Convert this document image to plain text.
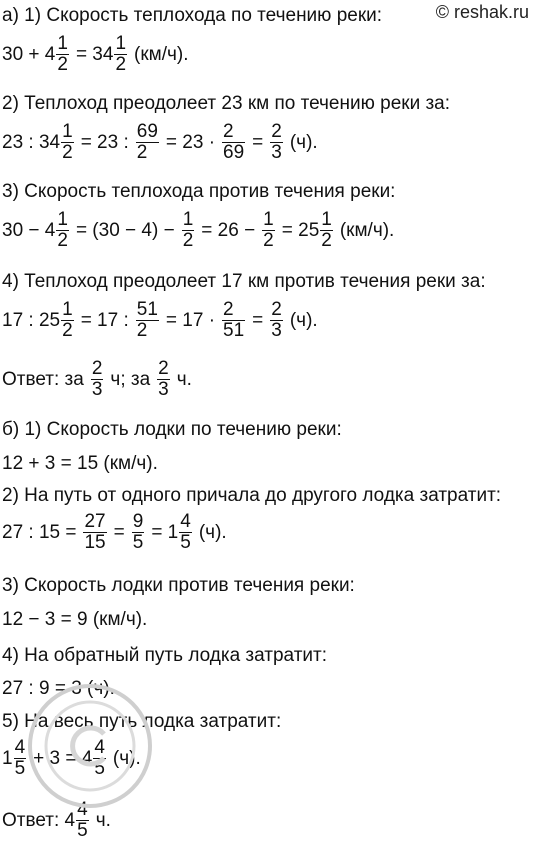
© reshak.ru
а) 1) Скорость теплохода по течению реки:
$30 + 4 \frac{1}{2} = 34 \frac{1}{2} (км/ч)$.
2) Теплоход преодолеет 23 км по течению реки за:
23 : $34 \frac{1}{2} = 23$ : $\frac{69}{2} = 23 \cdot \frac{2}{69} = \frac{2}{3} (ч)$.
3) Скорость теплохода против течения реки:
$30 - 4 \frac{1}{2} = (30 - 4) - \frac{1}{2} = 26 - \frac{1}{2} = 25 \frac{1}{2} (км/ч)$.
4) Теплоход преодолеет 17 км против течения реки за:
17 : $25 \frac{1}{2} = 17$ : $\frac{51}{2} = 17 \cdot \frac{2}{51} = \frac{2}{3} (ч)$.
Ответ: за $\frac{2}{3} ч$; за $\frac{2}{3} ч$.
б) 1) Скорость лодки по течению реки:
12 + 3 = 15 (км/ч).
2) На путь от одного причала до другого лодка затратит:
27 : $15 = \frac{27}{15} = \frac{9}{5} = 1 \frac{4}{5} (ч)$.
3) Скорость лодки против течения реки:
12 − 3 = 9 (км/ч).
4) На обратный путь лодка затратит:
27 : 9 = 3 (ч).
5) На весь путь лодка затратит:
$1 \frac{4}{5} + 3 = 4 \frac{4}{5} (ч)$.
Ответ: $4 \frac{4}{5} ч$.
